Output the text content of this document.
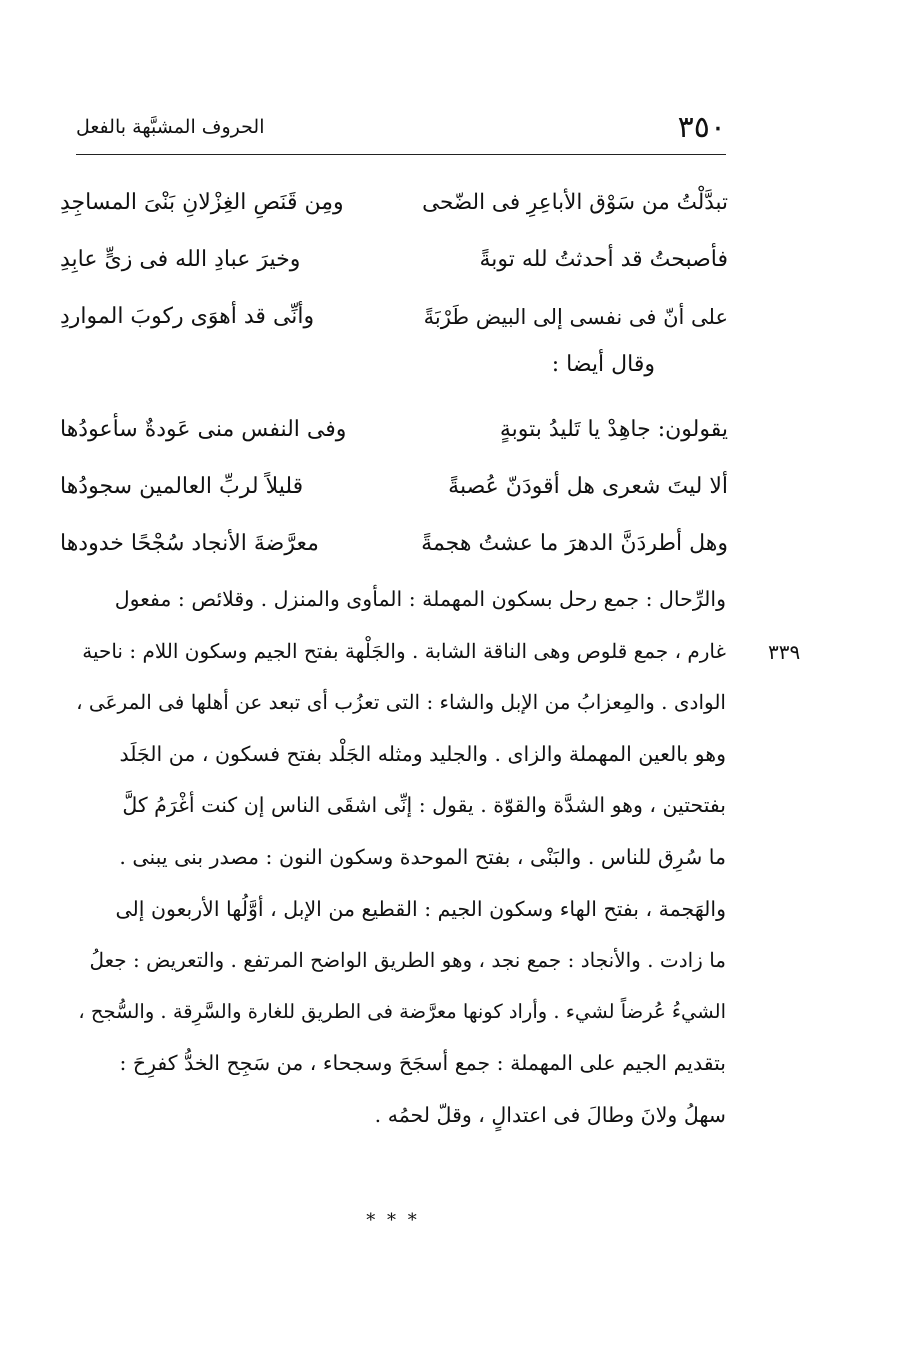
٣٥٠
الحروف المشبَّهة بالفعل
تبدَّلْتُ من سَوْق الأباعِرِ فى الضّحى
ومِن قَنَصِ الغِزْلانِ بَنْىَ المساجِدِ
فأصبحتُ قد أحدثتُ لله توبةً
وخيرَ عبادِ الله فى زىٍّ عابِدِ
على أنّ فى نفسى إلى البيض طَرْبَةً
وأنِّى قد أهوَى ركوبَ المواردِ
وقال أيضا :
يقولون: جاهِدْ يا تَليدُ بتوبةٍ
وفى النفس منى عَودةٌ سأعودُها
ألا ليتَ شعرى هل أقودَنّ عُصبةً
قليلاً لربِّ العالمين سجودُها
وهل أطردَنَّ الدهرَ ما عشتُ هجمةً
معرَّضةَ الأنجاد سُجْحًا خدودها
والرِّحال : جمع رحل بسكون المهملة : المأوى والمنزل . وقلائص : مفعول
غارم ، جمع قلوص وهى الناقة الشابة . والجَلْهة بفتح الجيم وسكون اللام : ناحية
الوادى . والمِعزابُ من الإبل والشاء : التى تعزُب أى تبعد عن أهلها فى المرعَى ،
وهو بالعين المهملة والزاى . والجليد ومثله الجَلْد بفتح فسكون ، من الجَلَد
بفتحتين ، وهو الشدَّة والقوّة . يقول : إنِّى اشقَى الناس إن كنت أغْرَمُ كلَّ
ما سُرِق للناس . والبَنْى ، بفتح الموحدة وسكون النون : مصدر بنى يبنى .
والهَجمة ، بفتح الهاء وسكون الجيم : القطيع من الإبل ، أوَّلُها الأربعون إلى
ما زادت . والأنجاد : جمع نجد ، وهو الطريق الواضح المرتفع . والتعريض : جعلُ
الشيءُ عُرضاً لشيء . وأراد كونها معرَّضة فى الطريق للغارة والسَّرِقة . والسُّجح ،
بتقديم الجيم على المهملة : جمع أسجَحَ وسجحاء ، من سَجِح الخدُّ كفرِحَ :
سهلُ ولانَ وطالَ فى اعتدالٍ ، وقلّ لحمُه .
٣٣٩
* * *
